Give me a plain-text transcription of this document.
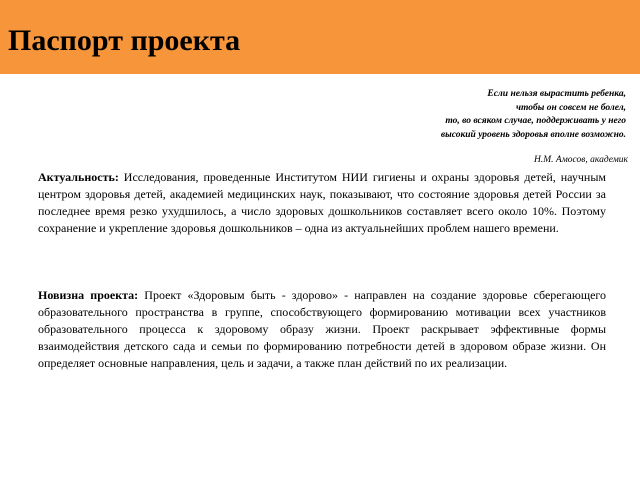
Паспорт проекта
Если нельзя вырастить ребенка,
чтобы он совсем не болел,
то, во всяком случае, поддерживать у него
высокий уровень здоровья вполне возможно.
Н.М. Амосов, академик

Актуальность: Исследования, проведенные Институтом НИИ гигиены и охраны здоровья детей, научным центром здоровья детей, академией медицинских наук, показывают, что состояние здоровья детей России за последнее время резко ухудшилось, а число здоровых дошкольников составляет всего около 10%. Поэтому сохранение и укрепление здоровья дошкольников – одна из актуальнейших проблем нашего времени.

Новизна проекта: Проект «Здоровым быть - здорово» - направлен на создание здоровье сберегающего образовательного пространства в группе, способствующего формированию мотивации всех участников образовательного процесса к здоровому образу жизни. Проект раскрывает эффективные формы взаимодействия детского сада и семьи по формированию потребности детей в здоровом образе жизни. Он определяет основные направления, цель и задачи, а также план действий по их реализации.
